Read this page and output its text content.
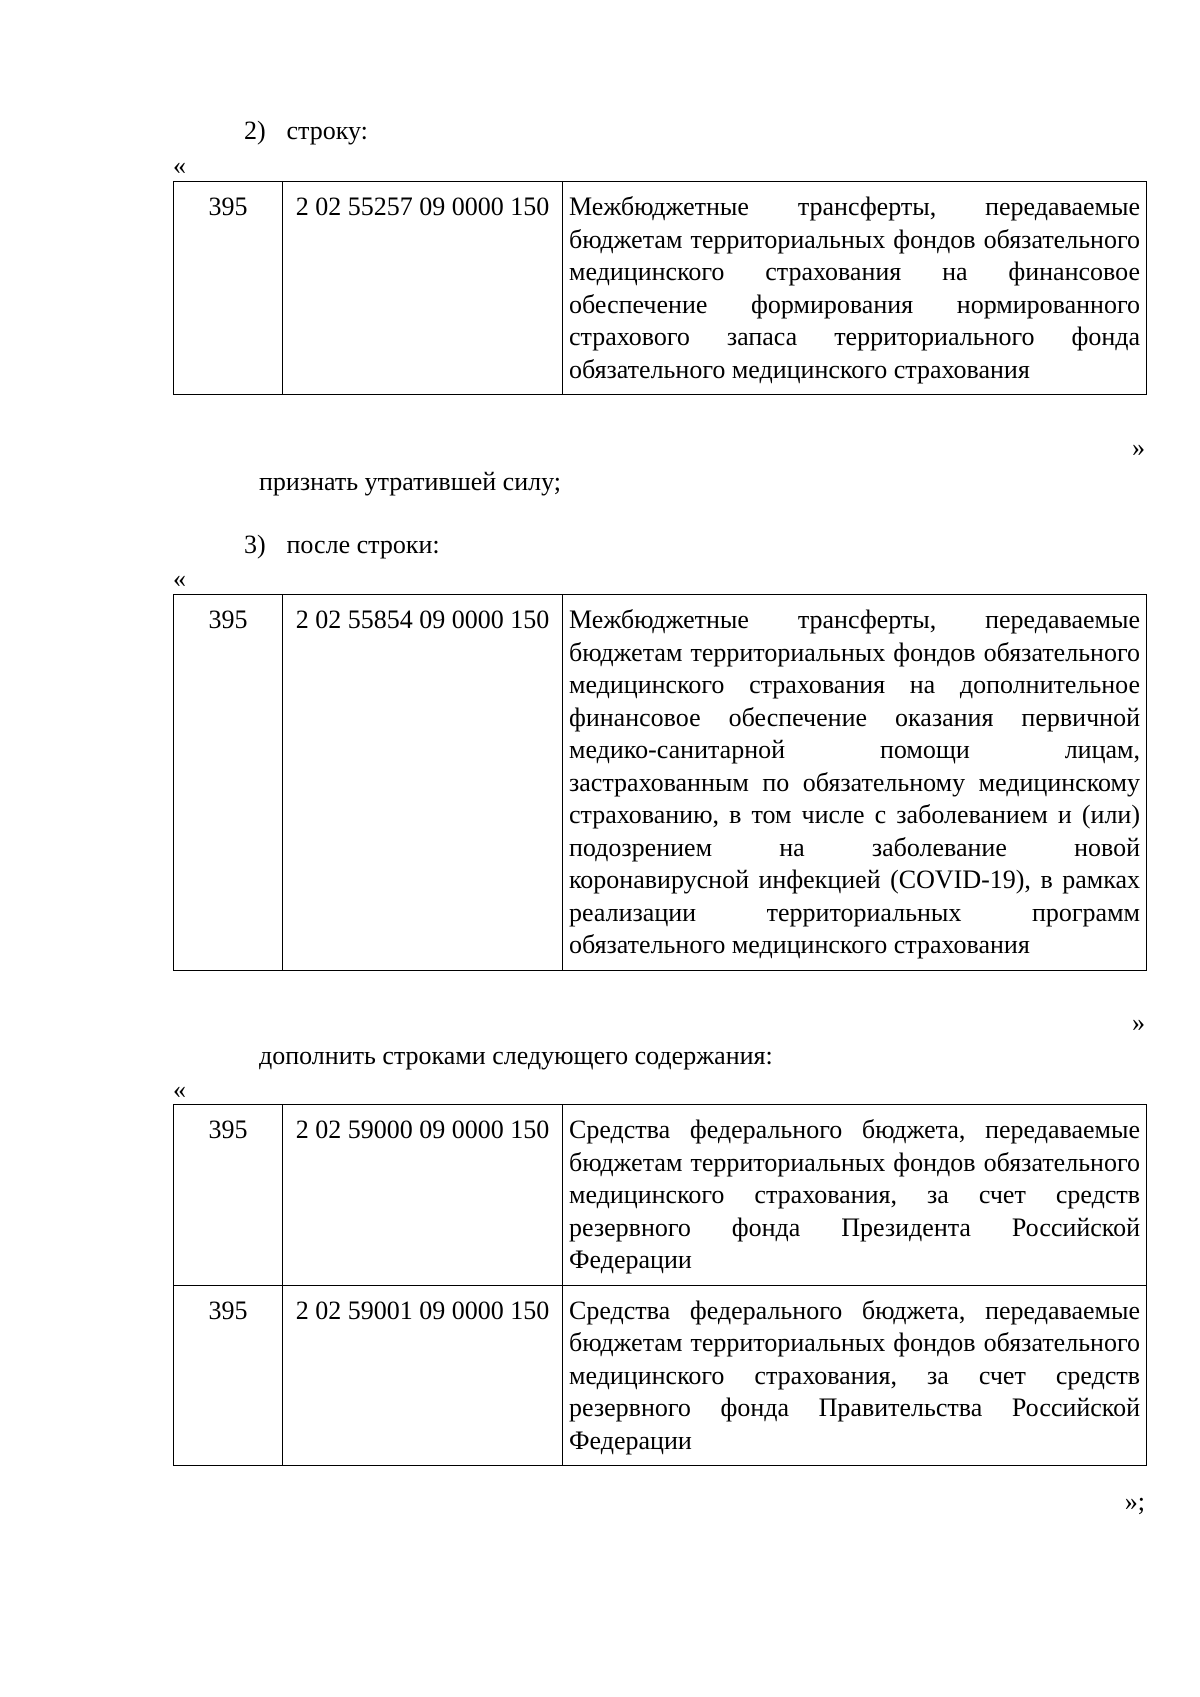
2) строку:
«
395	2 02 55257 09 0000 150	Межбюджетные трансферты, передаваемые бюджетам территориальных фондов обязательного медицинского страхования на финансовое обеспечение формирования нормированного страхового запаса территориального фонда обязательного медицинского страхования
»
признать утратившей силу;
3) после строки:
«
395	2 02 55854 09 0000 150	Межбюджетные трансферты, передаваемые бюджетам территориальных фондов обязательного медицинского страхования на дополнительное финансовое обеспечение оказания первичной медико-санитарной помощи лицам, застрахованным по обязательному медицинскому страхованию, в том числе с заболеванием и (или) подозрением на заболевание новой коронавирусной инфекцией (COVID-19), в рамках реализации территориальных программ обязательного медицинского страхования
»
дополнить строками следующего содержания:
«
395	2 02 59000 09 0000 150	Средства федерального бюджета, передаваемые бюджетам территориальных фондов обязательного медицинского страхования, за счет средств резервного фонда Президента Российской Федерации
395	2 02 59001 09 0000 150	Средства федерального бюджета, передаваемые бюджетам территориальных фондов обязательного медицинского страхования, за счет средств резервного фонда Правительства Российской Федерации
»;
